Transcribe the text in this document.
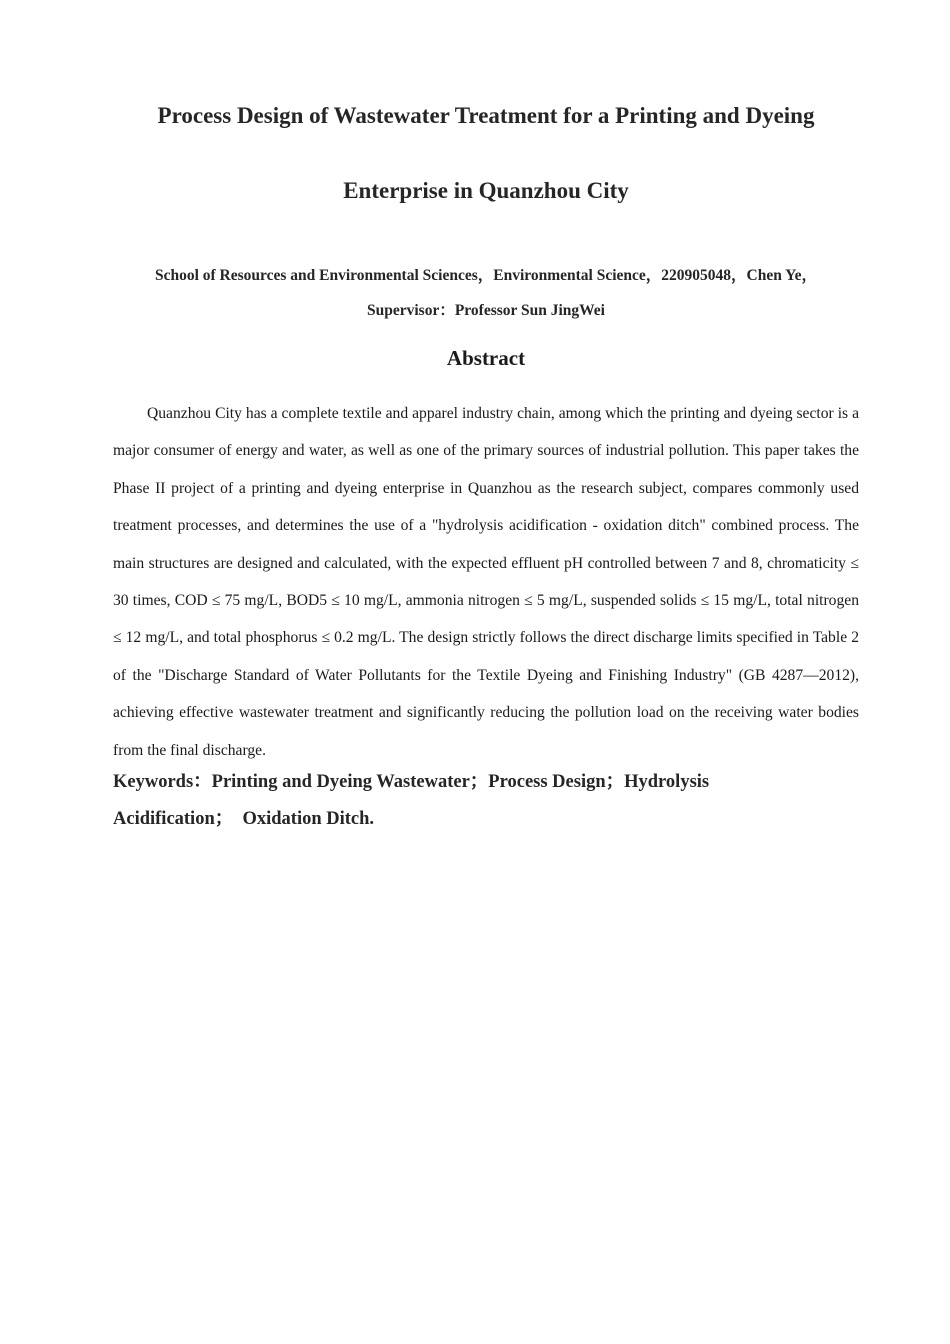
Process Design of Wastewater Treatment for a Printing and Dyeing
Enterprise in Quanzhou City

School of Resources and Environmental Sciences，Environmental Science，220905048，Chen Ye，

Supervisor：Professor Sun JingWei

Abstract

Quanzhou City has a complete textile and apparel industry chain, among which the printing and dyeing sector is a major consumer of energy and water, as well as one of the primary sources of industrial pollution. This paper takes the Phase II project of a printing and dyeing enterprise in Quanzhou as the research subject, compares commonly used treatment processes, and determines the use of a "hydrolysis acidification - oxidation ditch" combined process. The main structures are designed and calculated, with the expected effluent pH controlled between 7 and 8, chromaticity ≤ 30 times, COD ≤ 75 mg/L, BOD5 ≤ 10 mg/L, ammonia nitrogen ≤ 5 mg/L, suspended solids ≤ 15 mg/L, total nitrogen ≤ 12 mg/L, and total phosphorus ≤ 0.2 mg/L. The design strictly follows the direct discharge limits specified in Table 2 of the "Discharge Standard of Water Pollutants for the Textile Dyeing and Finishing Industry" (GB 4287—2012), achieving effective wastewater treatment and significantly reducing the pollution load on the receiving water bodies from the final discharge.

Keywords：Printing and Dyeing Wastewater；Process Design；Hydrolysis
Acidification；  Oxidation Ditch.
